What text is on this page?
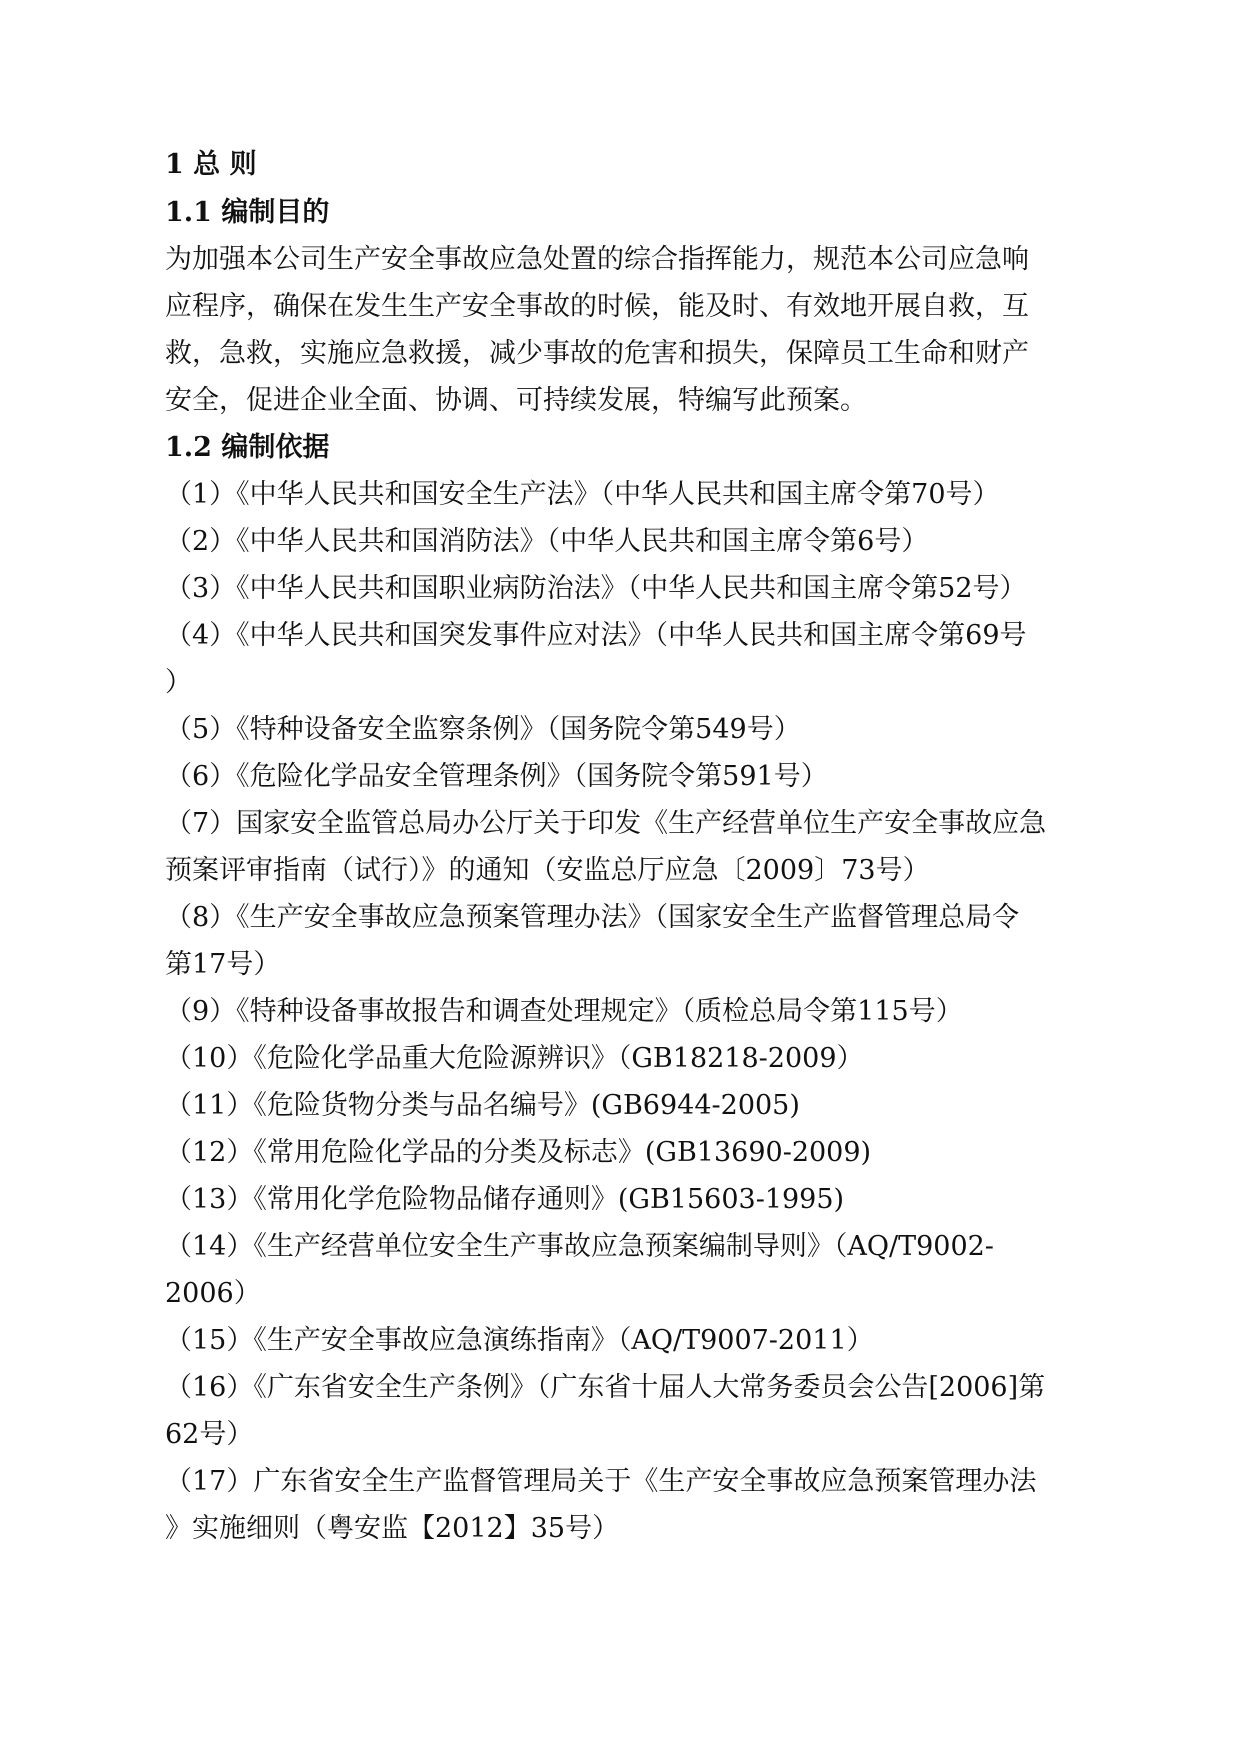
1 总 则
1.1 编制目的

为加强本公司生产安全事故应急处置的综合指挥能力，规范本公司应急响
应程序，确保在发生生产安全事故的时候，能及时、有效地开展自救，互
救，急救，实施应急救援，减少事故的危害和损失，保障员工生命和财产
安全，促进企业全面、协调、可持续发展，特编写此预案。

1.2 编制依据

（1）《中华人民共和国安全生产法》（中华人民共和国主席令第70号）

（2）《中华人民共和国消防法》（中华人民共和国主席令第6号）

（3）《中华人民共和国职业病防治法》（中华人民共和国主席令第52号）

（4）《中华人民共和国突发事件应对法》（中华人民共和国主席令第69号
）

（5）《特种设备安全监察条例》（国务院令第549号）

（6）《危险化学品安全管理条例》（国务院令第591号）

（7）国家安全监管总局办公厅关于印发《生产经营单位生产安全事故应急
预案评审指南（试行）》的通知（安监总厅应急〔2009〕73号）

（8）《生产安全事故应急预案管理办法》（国家安全生产监督管理总局令
第17号）

（9）《特种设备事故报告和调查处理规定》（质检总局令第115号）

（10）《危险化学品重大危险源辨识》（GB18218-2009）

（11）《危险货物分类与品名编号》(GB6944-2005)

（12）《常用危险化学品的分类及标志》(GB13690-2009)

（13）《常用化学危险物品储存通则》(GB15603-1995)

（14）《生产经营单位安全生产事故应急预案编制导则》（AQ/T9002-
2006）

（15）《生产安全事故应急演练指南》（AQ/T9007-2011）

（16）《广东省安全生产条例》（广东省十届人大常务委员会公告[2006]第
62号）

（17）广东省安全生产监督管理局关于《生产安全事故应急预案管理办法
》实施细则（粤安监【2012】35号）
